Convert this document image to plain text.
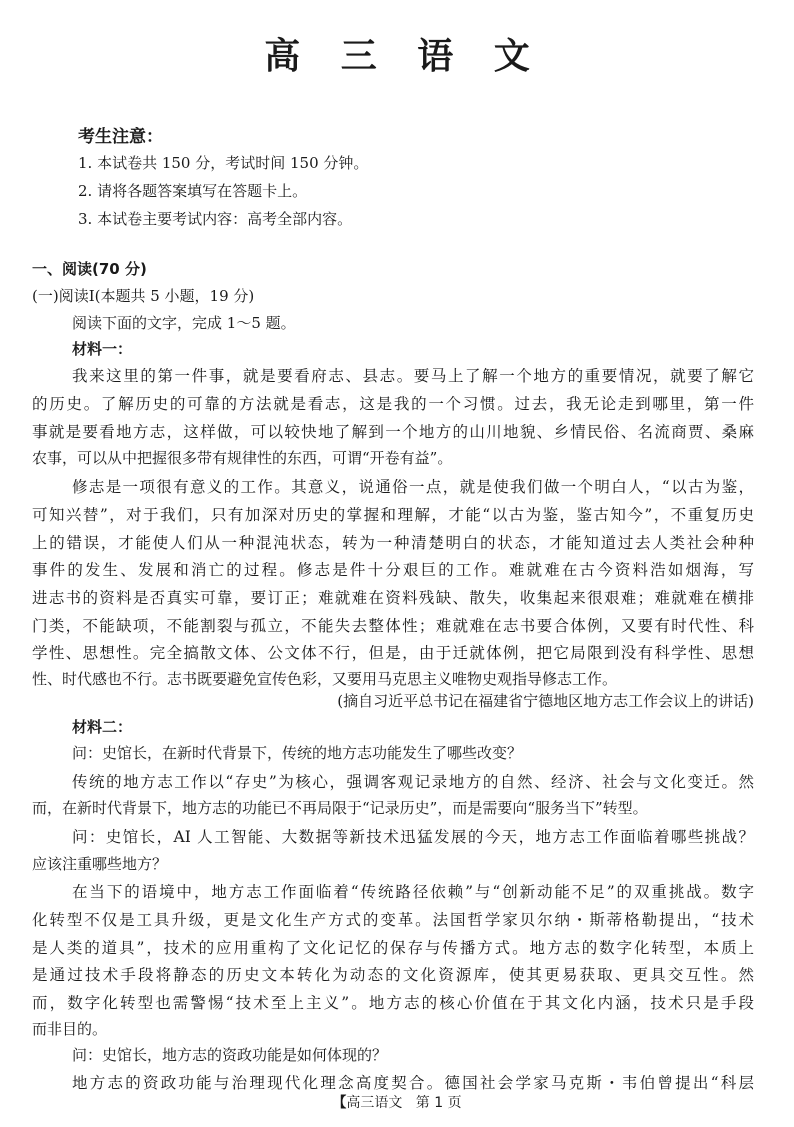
高 三 语 文
考生注意：
1. 本试卷共 150 分，考试时间 150 分钟。
2. 请将各题答案填写在答题卡上。
3. 本试卷主要考试内容：高考全部内容。
一、阅读(70 分)
(一)阅读Ⅰ(本题共 5 小题，19 分)
阅读下面的文字，完成 1～5 题。
材料一：
我来这里的第一件事，就是要看府志、县志。要马上了解一个地方的重要情况，就要了解它
的历史。了解历史的可靠的方法就是看志，这是我的一个习惯。过去，我无论走到哪里，第一件
事就是要看地方志，这样做，可以较快地了解到一个地方的山川地貌、乡情民俗、名流商贾、桑麻
农事，可以从中把握很多带有规律性的东西，可谓“开卷有益”。
修志是一项很有意义的工作。其意义，说通俗一点，就是使我们做一个明白人，“以古为鉴，
可知兴替”，对于我们，只有加深对历史的掌握和理解，才能“以古为鉴，鉴古知今”，不重复历史
上的错误，才能使人们从一种混沌状态，转为一种清楚明白的状态，才能知道过去人类社会种种
事件的发生、发展和消亡的过程。修志是件十分艰巨的工作。难就难在古今资料浩如烟海，写
进志书的资料是否真实可靠，要订正；难就难在资料残缺、散失，收集起来很艰难；难就难在横排
门类，不能缺项，不能割裂与孤立，不能失去整体性；难就难在志书要合体例，又要有时代性、科
学性、思想性。完全搞散文体、公文体不行，但是，由于迁就体例，把它局限到没有科学性、思想
性、时代感也不行。志书既要避免宣传色彩，又要用马克思主义唯物史观指导修志工作。
(摘自习近平总书记在福建省宁德地区地方志工作会议上的讲话)
材料二：
问：史馆长，在新时代背景下，传统的地方志功能发生了哪些改变？
传统的地方志工作以“存史”为核心，强调客观记录地方的自然、经济、社会与文化变迁。然
而，在新时代背景下，地方志的功能已不再局限于“记录历史”，而是需要向“服务当下”转型。
问：史馆长，AI 人工智能、大数据等新技术迅猛发展的今天，地方志工作面临着哪些挑战？
应该注重哪些地方？
在当下的语境中，地方志工作面临着“传统路径依赖”与“创新动能不足”的双重挑战。数字
化转型不仅是工具升级，更是文化生产方式的变革。法国哲学家贝尔纳・斯蒂格勒提出，“技术
是人类的道具”，技术的应用重构了文化记忆的保存与传播方式。地方志的数字化转型，本质上
是通过技术手段将静态的历史文本转化为动态的文化资源库，使其更易获取、更具交互性。然
而，数字化转型也需警惕“技术至上主义”。地方志的核心价值在于其文化内涵，技术只是手段
而非目的。
问：史馆长，地方志的资政功能是如何体现的？
地方志的资政功能与治理现代化理念高度契合。德国社会学家马克斯・韦伯曾提出“科层
【高三语文 第 1 页
